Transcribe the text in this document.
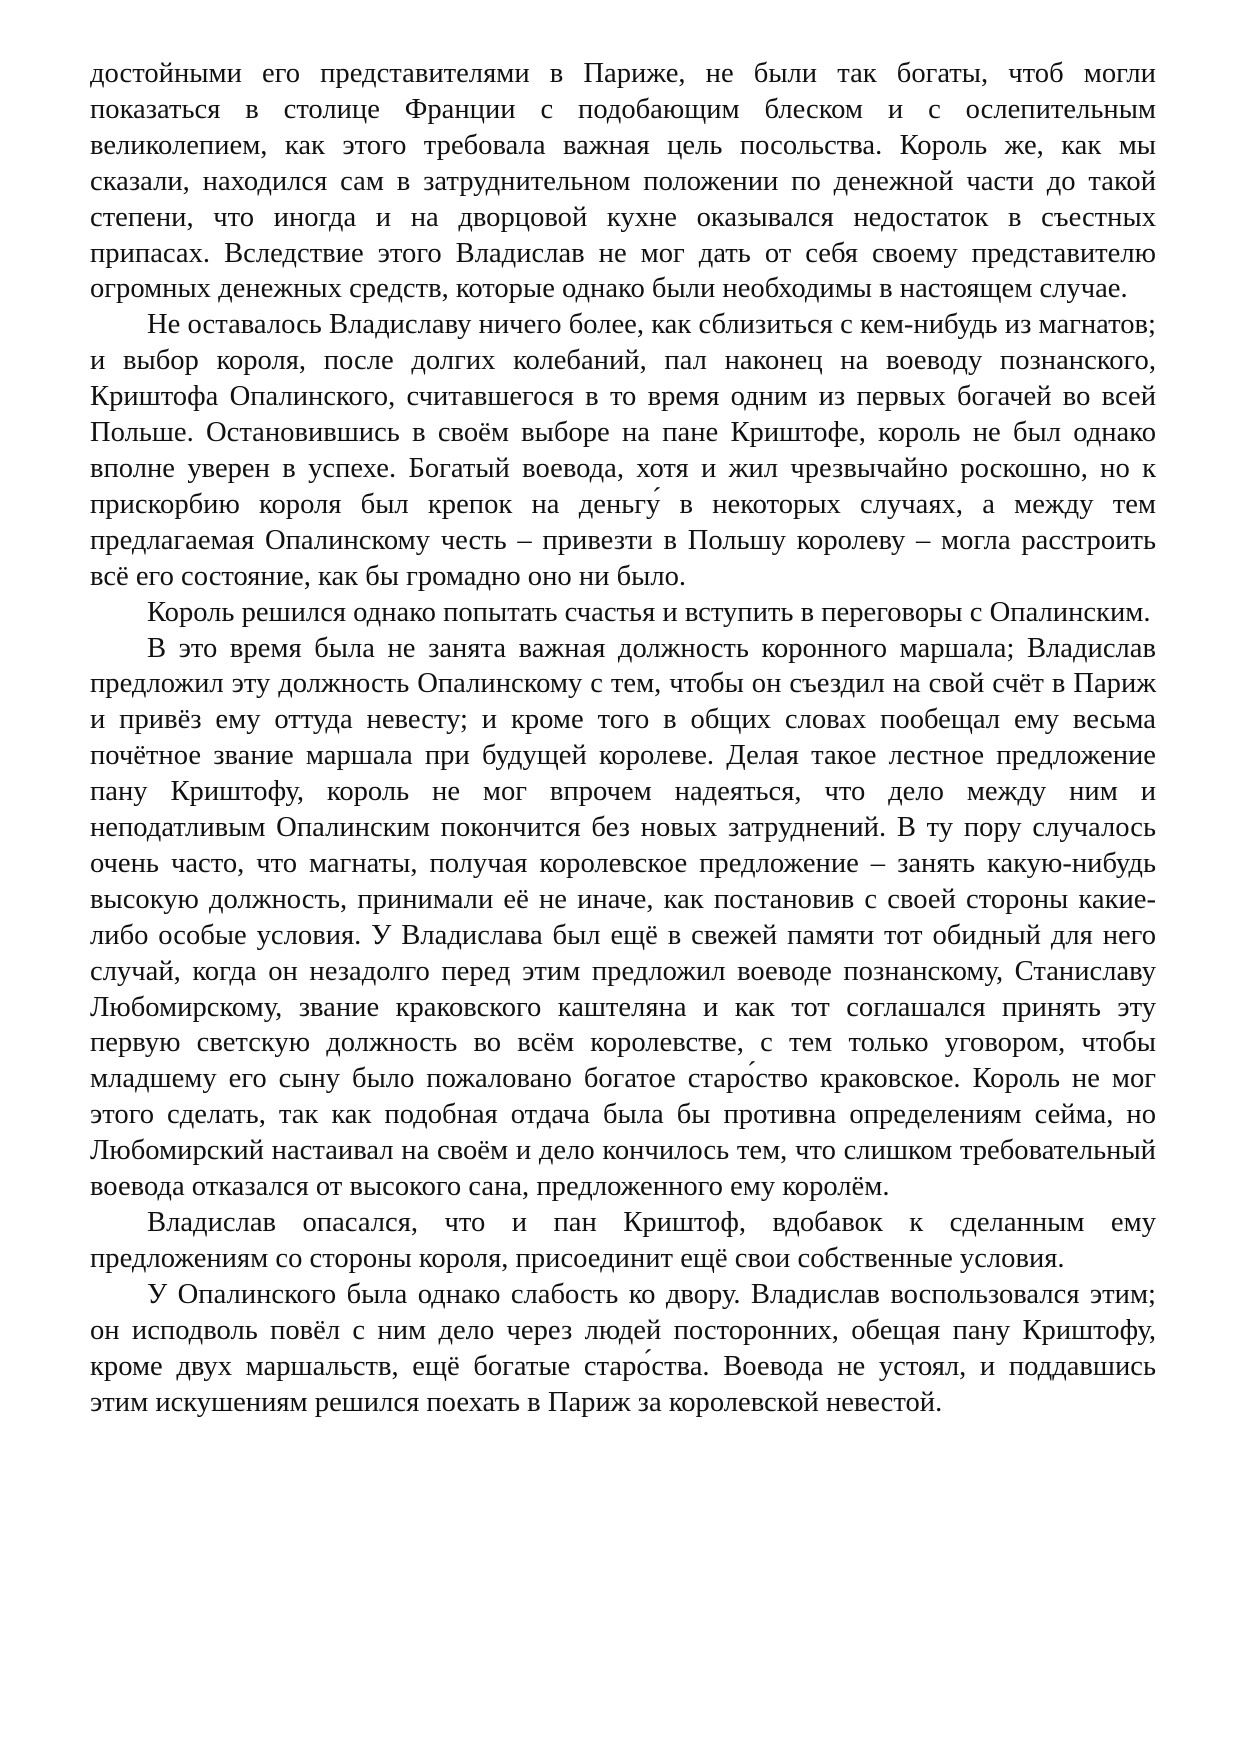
достойными его представителями в Париже, не были так богаты, чтоб могли показаться в столице Франции с подобающим блеском и с ослепительным великолепием, как этого требовала важная цель посольства. Король же, как мы сказали, находился сам в затруднительном положении по денежной части до такой степени, что иногда и на дворцовой кухне оказывался недостаток в съестных припасах. Вследствие этого Владислав не мог дать от себя своему представителю огромных денежных средств, которые однако были необходимы в настоящем случае.

Не оставалось Владиславу ничего более, как сблизиться с кем-нибудь из магнатов; и выбор короля, после долгих колебаний, пал наконец на воеводу познанского, Криштофа Опалинского, считавшегося в то время одним из первых богачей во всей Польше. Остановившись в своём выборе на пане Криштофе, король не был однако вполне уверен в успехе. Богатый воевода, хотя и жил чрезвычайно роскошно, но к прискорбию короля был крепок на деньгу́ в некоторых случаях, а между тем предлагаемая Опалинскому честь – привезти в Польшу королеву – могла расстроить всё его состояние, как бы громадно оно ни было.

Король решился однако попытать счастья и вступить в переговоры с Опалинским.

В это время была не занята важная должность коронного маршала; Владислав предложил эту должность Опалинскому с тем, чтобы он съездил на свой счёт в Париж и привёз ему оттуда невесту; и кроме того в общих словах пообещал ему весьма почётное звание маршала при будущей королеве. Делая такое лестное предложение пану Криштофу, король не мог впрочем надеяться, что дело между ним и неподатливым Опалинским покончится без новых затруднений. В ту пору случалось очень часто, что магнаты, получая королевское предложение – занять какую-нибудь высокую должность, принимали её не иначе, как постановив с своей стороны какие-либо особые условия. У Владислава был ещё в свежей памяти тот обидный для него случай, когда он незадолго перед этим предложил воеводе познанскому, Станиславу Любомирскому, звание краковского каштеляна и как тот соглашался принять эту первую светскую должность во всём королевстве, с тем только уговором, чтобы младшему его сыну было пожаловано богатое старо́ство краковское. Король не мог этого сделать, так как подобная отдача была бы противна определениям сейма, но Любомирский настаивал на своём и дело кончилось тем, что слишком требовательный воевода отказался от высокого сана, предложенного ему королём.

Владислав опасался, что и пан Криштоф, вдобавок к сделанным ему предложениям со стороны короля, присоединит ещё свои собственные условия.

У Опалинского была однако слабость ко двору. Владислав воспользовался этим; он исподволь повёл с ним дело через людей посторонних, обещая пану Криштофу, кроме двух маршальств, ещё богатые старо́ства. Воевода не устоял, и поддавшись этим искушениям решился поехать в Париж за королевской невестой.
